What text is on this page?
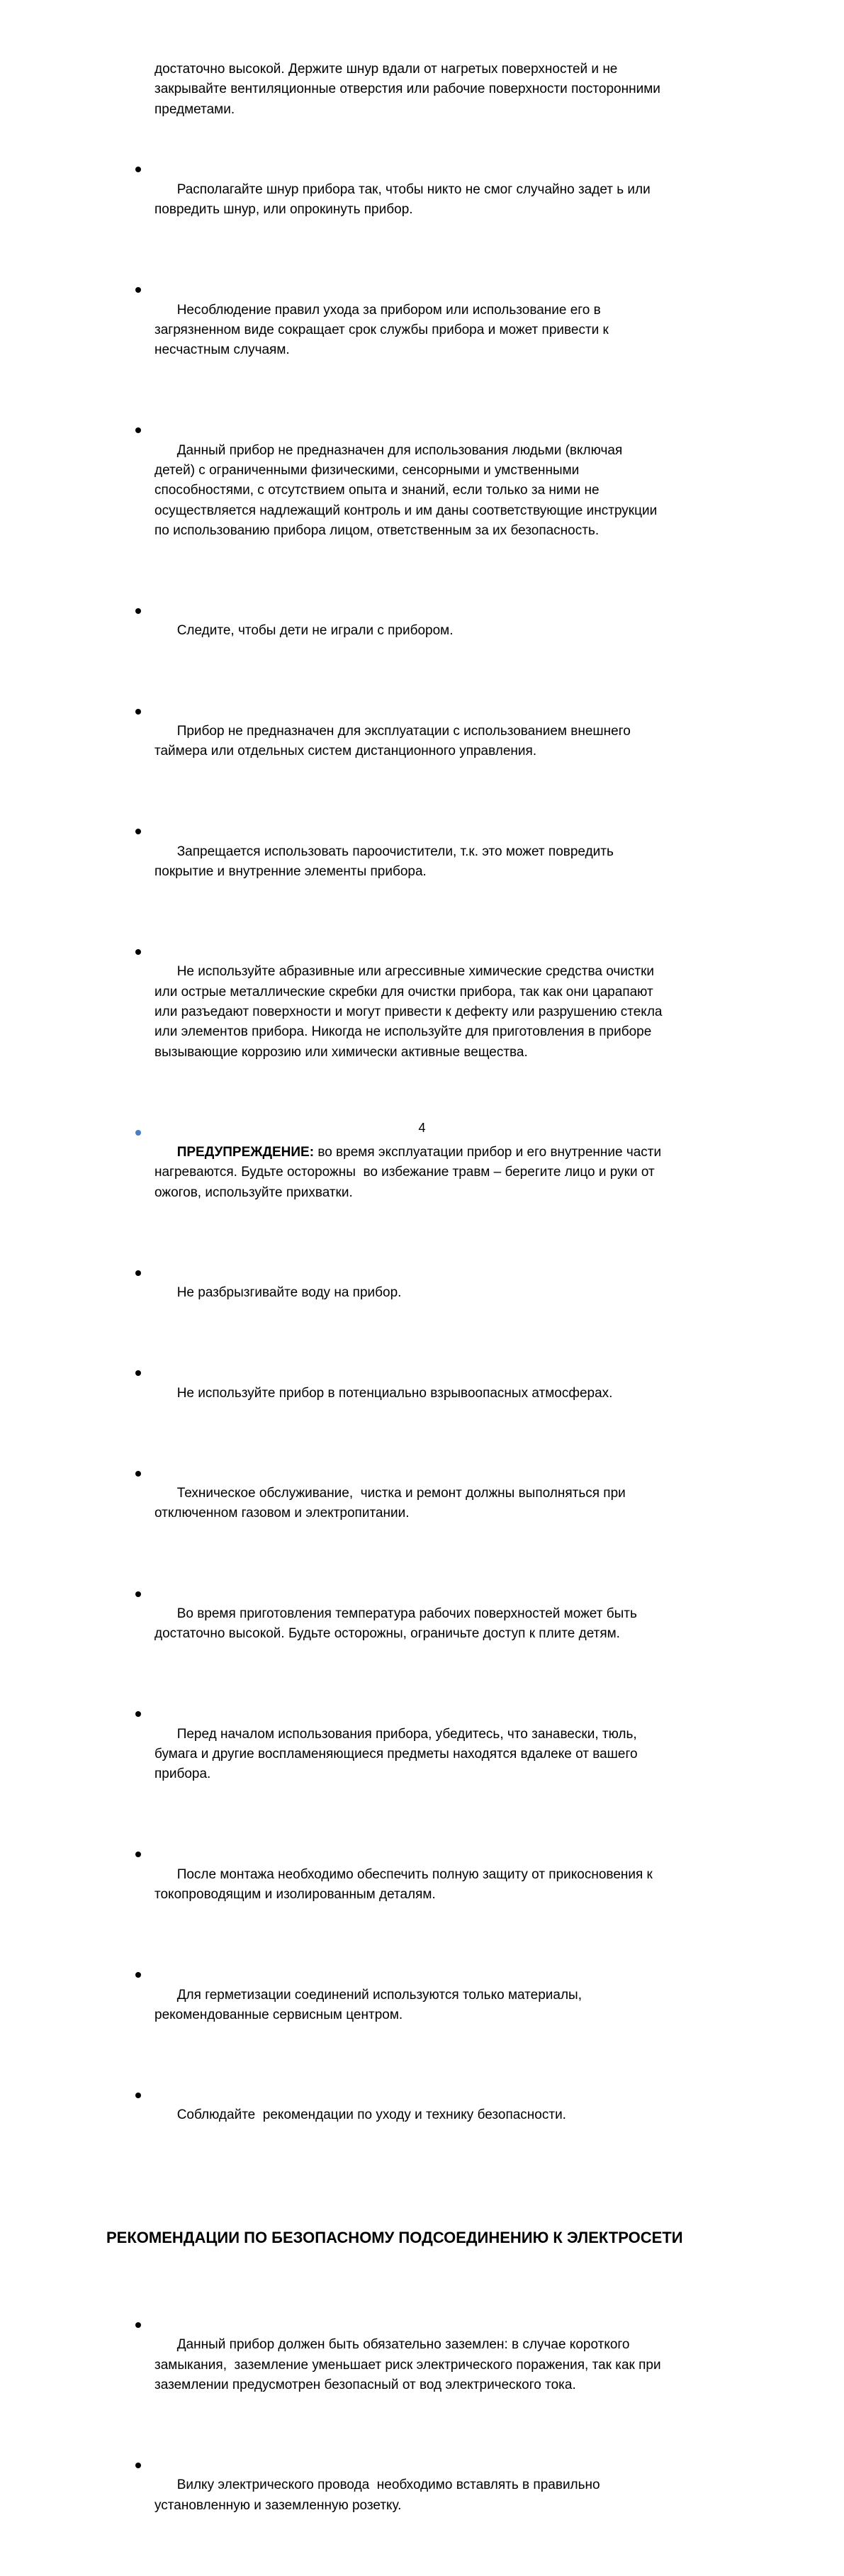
достаточно высокой. Держите шнур вдали от нагретых поверхностей и не закрывайте вентиляционные отверстия или рабочие поверхности посторонними предметами.

Располагайте шнур прибора так, чтобы никто не смог случайно задет ь или повредить шнур, или опрокинуть прибор.

Несоблюдение правил ухода за прибором или использование его в загрязненном виде сокращает срок службы прибора и может привести к несчастным случаям.

Данный прибор не предназначен для использования людьми (включая детей) с ограниченными физическими, сенсорными и умственными способностями, с отсутствием опыта и знаний, если только за ними не осуществляется надлежащий контроль и им даны соответствующие инструкции  по использованию прибора лицом, ответственным за их безопасность.

Следите, чтобы дети не играли с прибором.

Прибор не предназначен для эксплуатации с использованием внешнего таймера или отдельных систем дистанционного управления.

Запрещается использовать пароочистители, т.к. это может повредить покрытие и внутренние элементы прибора.

Не используйте абразивные или агрессивные химические средства очистки или острые металлические скребки для очистки прибора, так как они царапают или разъедают поверхности и могут привести к дефекту или разрушению стекла или элементов прибора. Никогда не используйте для приготовления в приборе вызывающие коррозию или химически активные вещества.

ПРЕДУПРЕЖДЕНИЕ: во время эксплуатации прибор и его внутренние части нагреваются. Будьте осторожны  во избежание травм – берегите лицо и руки от ожогов, используйте прихватки.

Не разбрызгивайте воду на прибор.

Не используйте прибор в потенциально взрывоопасных атмосферах.

Техническое обслуживание,  чистка и ремонт должны выполняться при отключенном газовом и электропитании.

Во время приготовления температура рабочих поверхностей может быть достаточно высокой. Будьте осторожны, ограничьте доступ к плите детям.

Перед началом использования прибора, убедитесь, что занавески, тюль, бумага и другие воспламеняющиеся предметы находятся вдалеке от вашего прибора.

После монтажа необходимо обеспечить полную защиту от прикосновения к токопроводящим и изолированным деталям.

Для герметизации соединений используются только материалы, рекомендованные сервисным центром.

Соблюдайте  рекомендации по уходу и технику безопасности.

РЕКОМЕНДАЦИИ ПО БЕЗОПАСНОМУ ПОДСОЕДИНЕНИЮ К ЭЛЕКТРОСЕТИ

Данный прибор должен быть обязательно заземлен: в случае короткого замыкания,  заземление уменьшает риск электрического поражения, так как при заземлении предусмотрен безопасный от вод электрического тока.

Вилку электрического провода  необходимо вставлять в правильно установленную и заземленную розетку.

4
